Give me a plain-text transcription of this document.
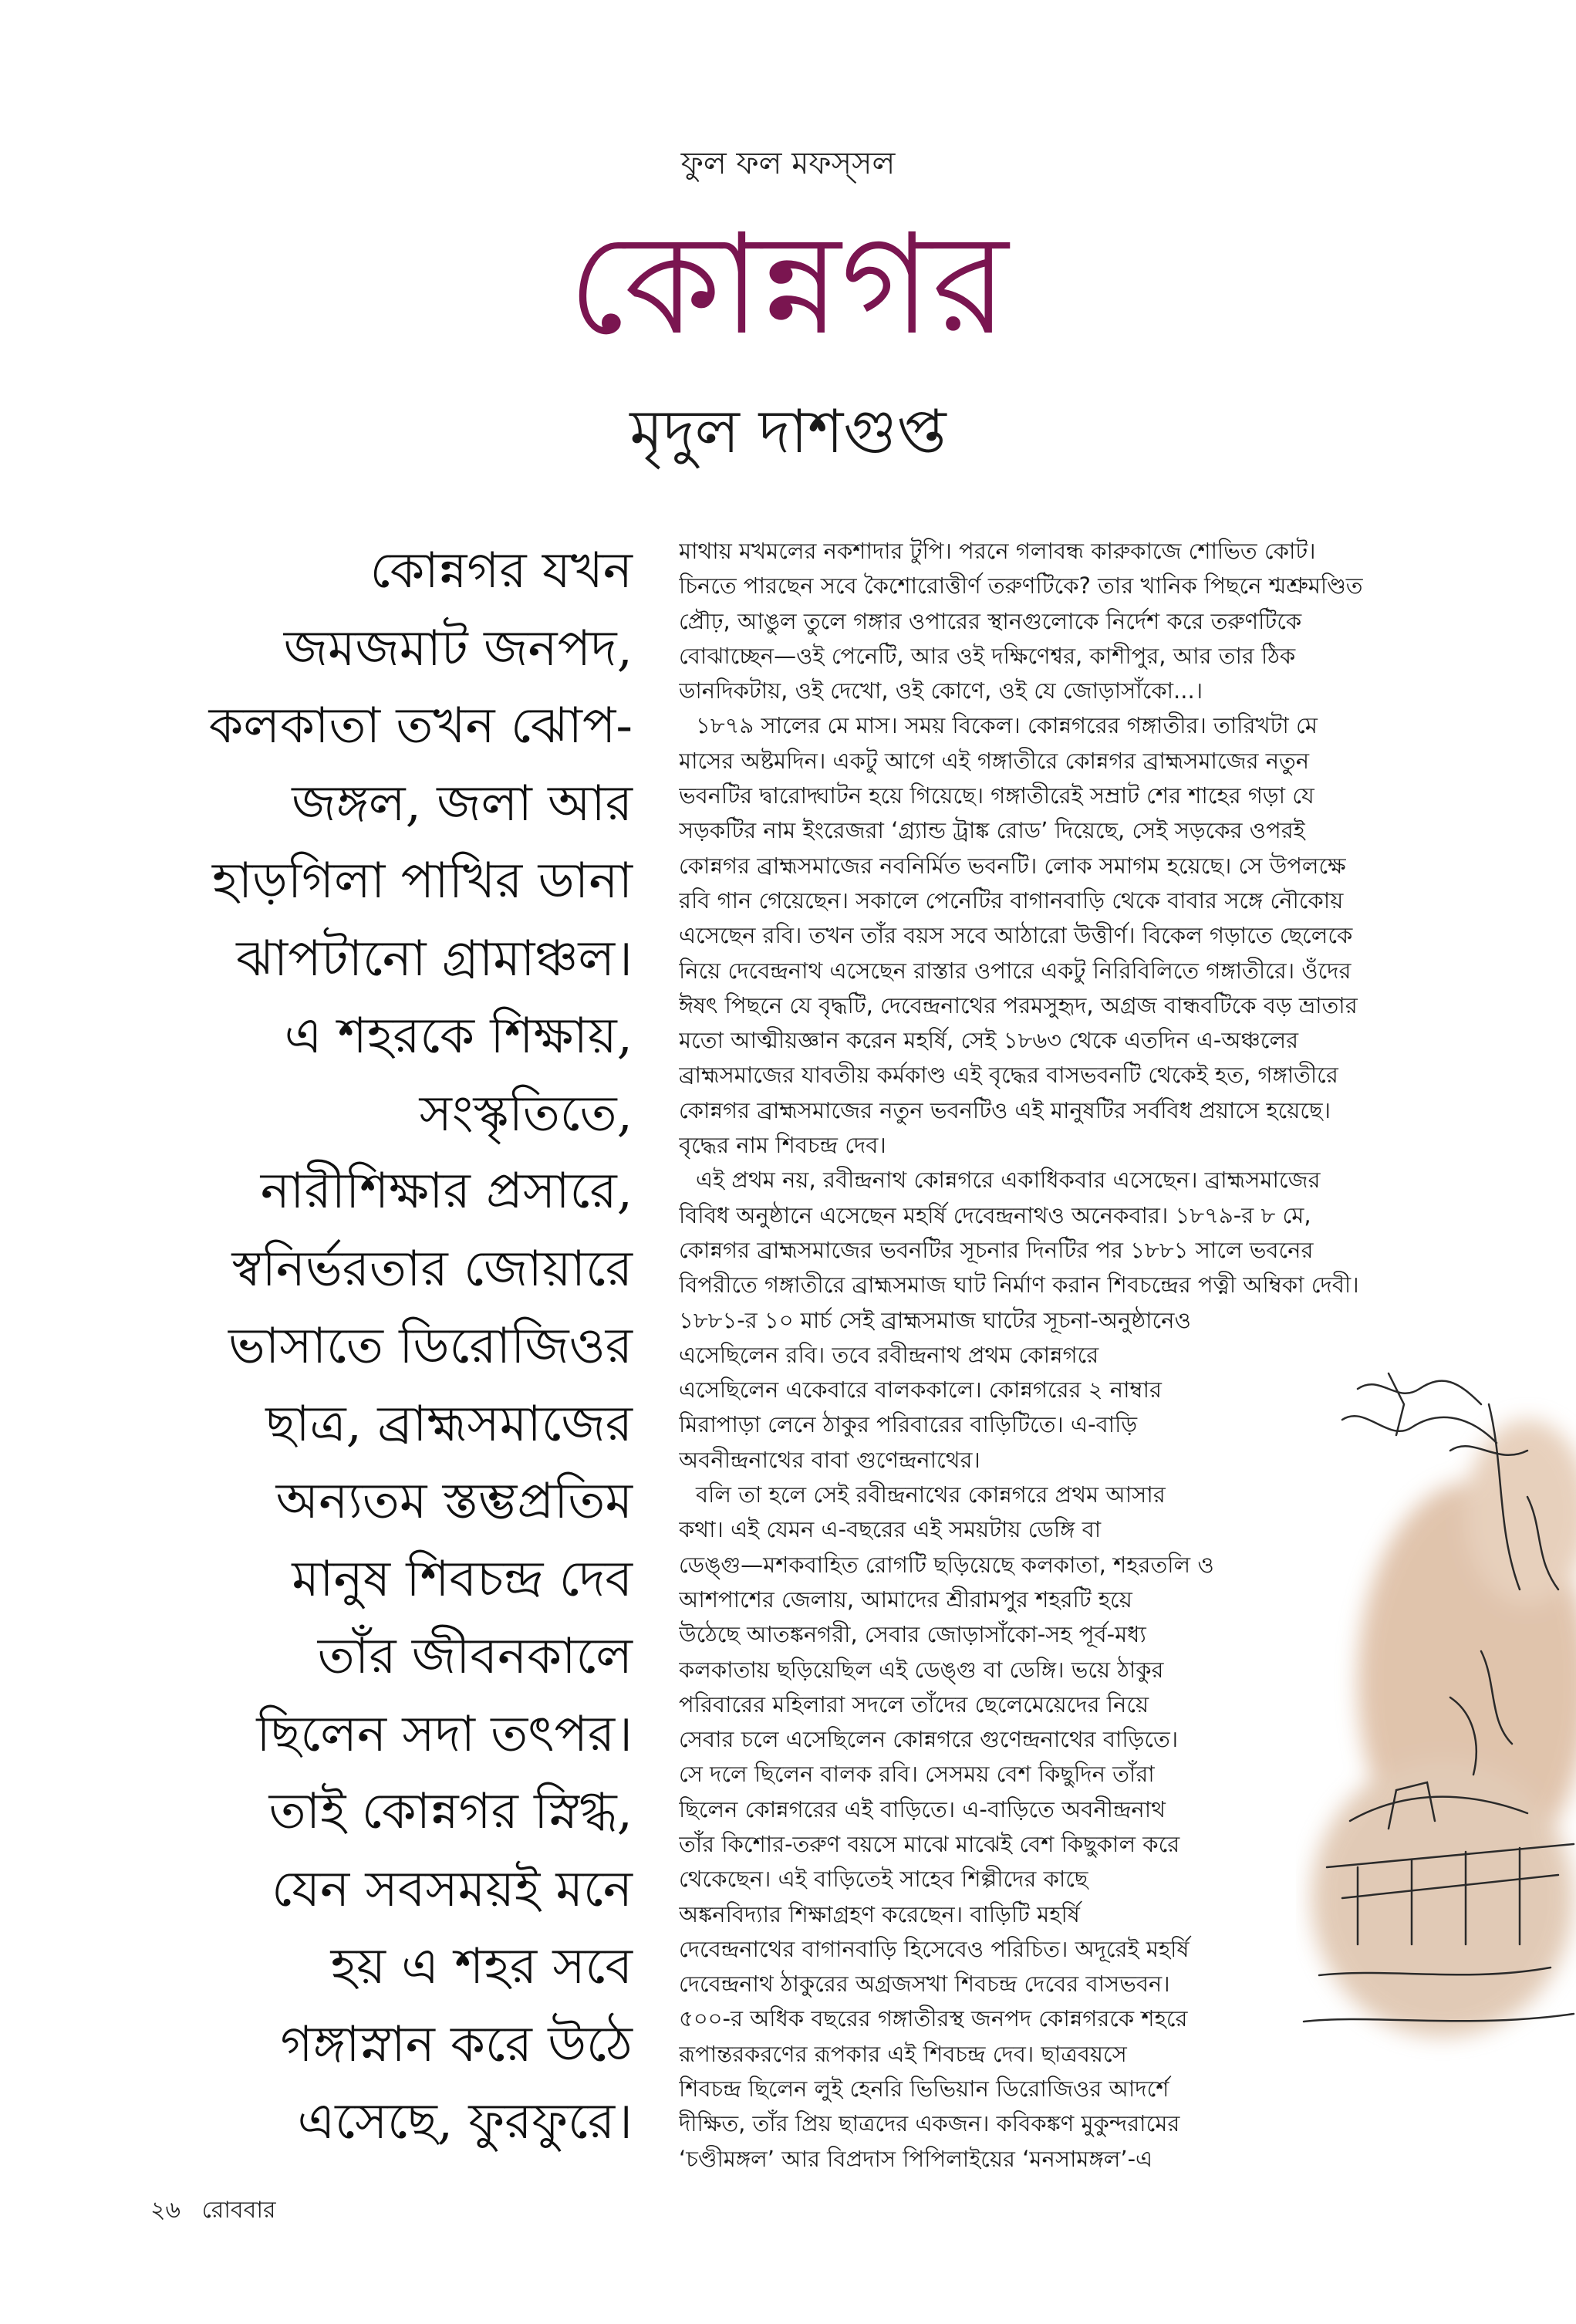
ফুল ফল মফস্‌সল
কোন্নগর
মৃদুল দাশগুপ্ত
কোন্নগর যখন
জমজমাট জনপদ,
কলকাতা তখন ঝোপ-
জঙ্গল, জলা আর
হাড়গিলা পাখির ডানা
ঝাপটানো গ্রামাঞ্চল।
এ শহরকে শিক্ষায়,
সংস্কৃতিতে,
নারীশিক্ষার প্রসারে,
স্বনির্ভরতার জোয়ারে
ভাসাতে ডিরোজিওর
ছাত্র, ব্রাহ্মসমাজের
অন্যতম স্তম্ভপ্রতিম
মানুষ শিবচন্দ্র দেব
তাঁর জীবনকালে
ছিলেন সদা তৎপর।
তাই কোন্নগর স্নিগ্ধ,
যেন সবসময়ই মনে
হয় এ শহর সবে
গঙ্গাস্নান করে উঠে
এসেছে, ফুরফুরে।
মাথায় মখমলের নকশাদার টুপি। পরনে গলাবন্ধ কারুকাজে শোভিত কোট।
চিনতে পারছেন সবে কৈশোরোত্তীর্ণ তরুণটিকে? তার খানিক পিছনে শ্মশ্রুমণ্ডিত
প্রৌঢ়, আঙুল তুলে গঙ্গার ওপারের স্থানগুলোকে নির্দেশ করে তরুণটিকে
বোঝাচ্ছেন—ওই পেনেটি, আর ওই দক্ষিণেশ্বর, কাশীপুর, আর তার ঠিক
ডানদিকটায়, ওই দেখো, ওই কোণে, ওই যে জোড়াসাঁকো...।
১৮৭৯ সালের মে মাস। সময় বিকেল। কোন্নগরের গঙ্গাতীর। তারিখটা মে
মাসের অষ্টমদিন। একটু আগে এই গঙ্গাতীরে কোন্নগর ব্রাহ্মসমাজের নতুন
ভবনটির দ্বারোদ্ঘাটন হয়ে গিয়েছে। গঙ্গাতীরেই সম্রাট শের শাহের গড়া যে
সড়কটির নাম ইংরেজরা ‘গ্র্যান্ড ট্রাঙ্ক রোড’ দিয়েছে, সেই সড়কের ওপরই
কোন্নগর ব্রাহ্মসমাজের নবনির্মিত ভবনটি। লোক সমাগম হয়েছে। সে উপলক্ষে
রবি গান গেয়েছেন। সকালে পেনেটির বাগানবাড়ি থেকে বাবার সঙ্গে নৌকোয়
এসেছেন রবি। তখন তাঁর বয়স সবে আঠারো উত্তীর্ণ। বিকেল গড়াতে ছেলেকে
নিয়ে দেবেন্দ্রনাথ এসেছেন রাস্তার ওপারে একটু নিরিবিলিতে গঙ্গাতীরে। ওঁদের
ঈষৎ পিছনে যে বৃদ্ধটি, দেবেন্দ্রনাথের পরমসুহৃদ, অগ্রজ বান্ধবটিকে বড় ভ্রাতার
মতো আত্মীয়জ্ঞান করেন মহর্ষি, সেই ১৮৬৩ থেকে এতদিন এ-অঞ্চলের
ব্রাহ্মসমাজের যাবতীয় কর্মকাণ্ড এই বৃদ্ধের বাসভবনটি থেকেই হত, গঙ্গাতীরে
কোন্নগর ব্রাহ্মসমাজের নতুন ভবনটিও এই মানুষটির সর্ববিধ প্রয়াসে হয়েছে।
বৃদ্ধের নাম শিবচন্দ্র দেব।
এই প্রথম নয়, রবীন্দ্রনাথ কোন্নগরে একাধিকবার এসেছেন। ব্রাহ্মসমাজের
বিবিধ অনুষ্ঠানে এসেছেন মহর্ষি দেবেন্দ্রনাথও অনেকবার। ১৮৭৯-র ৮ মে,
কোন্নগর ব্রাহ্মসমাজের ভবনটির সূচনার দিনটির পর ১৮৮১ সালে ভবনের
বিপরীতে গঙ্গাতীরে ব্রাহ্মসমাজ ঘাট নির্মাণ করান শিবচন্দ্রের পত্নী অম্বিকা দেবী।
১৮৮১-র ১০ মার্চ সেই ব্রাহ্মসমাজ ঘাটের সূচনা-অনুষ্ঠানেও
এসেছিলেন রবি। তবে রবীন্দ্রনাথ প্রথম কোন্নগরে
এসেছিলেন একেবারে বালককালে। কোন্নগরের ২ নাম্বার
মিরাপাড়া লেনে ঠাকুর পরিবারের বাড়িটিতে। এ-বাড়ি
অবনীন্দ্রনাথের বাবা গুণেন্দ্রনাথের।
বলি তা হলে সেই রবীন্দ্রনাথের কোন্নগরে প্রথম আসার
কথা। এই যেমন এ-বছরের এই সময়টায় ডেঙ্গি বা
ডেঙ্গু—মশকবাহিত রোগটি ছড়িয়েছে কলকাতা, শহরতলি ও
আশপাশের জেলায়, আমাদের শ্রীরামপুর শহরটি হয়ে
উঠেছে আতঙ্কনগরী, সেবার জোড়াসাঁকো-সহ পূর্ব-মধ্য
কলকাতায় ছড়িয়েছিল এই ডেঙ্গু বা ডেঙ্গি। ভয়ে ঠাকুর
পরিবারের মহিলারা সদলে তাঁদের ছেলেমেয়েদের নিয়ে
সেবার চলে এসেছিলেন কোন্নগরে গুণেন্দ্রনাথের বাড়িতে।
সে দলে ছিলেন বালক রবি। সেসময় বেশ কিছুদিন তাঁরা
ছিলেন কোন্নগরের এই বাড়িতে। এ-বাড়িতে অবনীন্দ্রনাথ
তাঁর কিশোর-তরুণ বয়সে মাঝে মাঝেই বেশ কিছুকাল করে
থেকেছেন। এই বাড়িতেই সাহেব শিল্পীদের কাছে
অঙ্কনবিদ্যার শিক্ষাগ্রহণ করেছেন। বাড়িটি মহর্ষি
দেবেন্দ্রনাথের বাগানবাড়ি হিসেবেও পরিচিত। অদূরেই মহর্ষি
দেবেন্দ্রনাথ ঠাকুরের অগ্রজসখা শিবচন্দ্র দেবের বাসভবন।
৫০০-র অধিক বছরের গঙ্গাতীরস্থ জনপদ কোন্নগরকে শহরে
রূপান্তরকরণের রূপকার এই শিবচন্দ্র দেব। ছাত্রবয়সে
শিবচন্দ্র ছিলেন লুই হেনরি ভিভিয়ান ডিরোজিওর আদর্শে
দীক্ষিত, তাঁর প্রিয় ছাত্রদের একজন। কবিকঙ্কণ মুকুন্দরামের
‘চণ্ডীমঙ্গল’ আর বিপ্রদাস পিপিলাইয়ের ‘মনসামঙ্গল’-এ
২৬ রোববার
